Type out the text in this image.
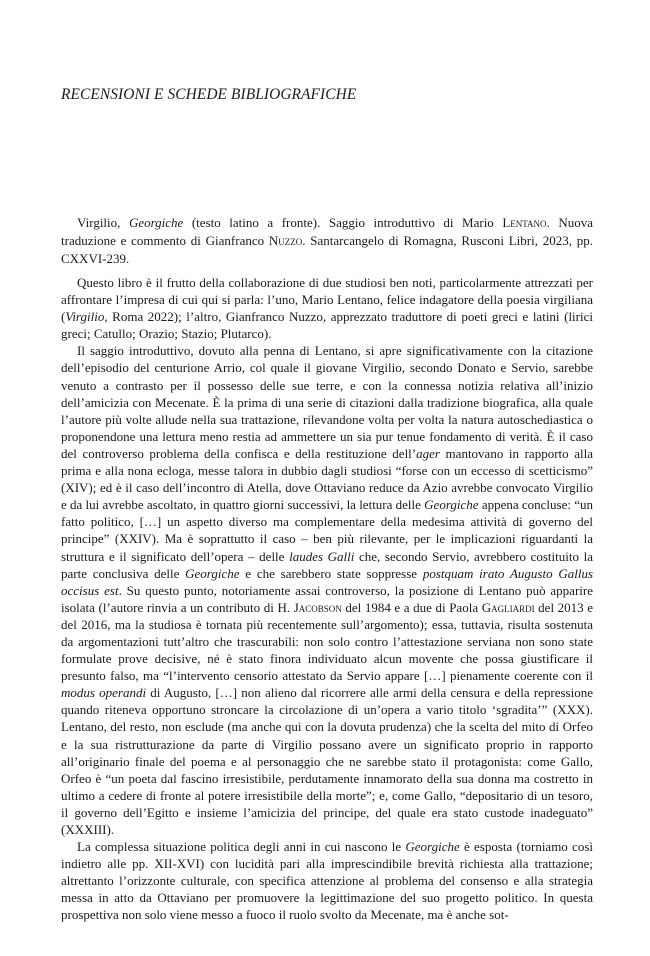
RECENSIONI E SCHEDE BIBLIOGRAFICHE

Virgilio, Georgiche (testo latino a fronte). Saggio introduttivo di Mario Lentano. Nuova traduzione e commento di Gianfranco Nuzzo. Santarcangelo di Romagna, Rusconi Libri, 2023, pp. CXXVI-239.

Questo libro è il frutto della collaborazione di due studiosi ben noti, particolarmente attrezzati per affrontare l’impresa di cui qui si parla: l’uno, Mario Lentano, felice indagatore della poesia virgiliana (Virgilio, Roma 2022); l’altro, Gianfranco Nuzzo, apprezzato traduttore di poeti greci e latini (lirici greci; Catullo; Orazio; Stazio; Plutarco).

Il saggio introduttivo, dovuto alla penna di Lentano, si apre significativamente con la citazione dell’episodio del centurione Arrio, col quale il giovane Virgilio, secondo Donato e Servio, sarebbe venuto a contrasto per il possesso delle sue terre, e con la connessa notizia relativa all’inizio dell’amicizia con Mecenate. È la prima di una serie di citazioni dalla tradizione biografica, alla quale l’autore più volte allude nella sua trattazione, rilevandone volta per volta la natura autoschediastica o proponendone una lettura meno restia ad ammettere un sia pur tenue fondamento di verità. È il caso del controverso problema della confisca e della restituzione dell’ager mantovano in rapporto alla prima e alla nona ecloga, messe talora in dubbio dagli studiosi “forse con un eccesso di scetticismo” (XIV); ed è il caso dell’incontro di Atella, dove Ottaviano reduce da Azio avrebbe convocato Virgilio e da lui avrebbe ascoltato, in quattro giorni successivi, la lettura delle Georgiche appena concluse: “un fatto politico, […] un aspetto diverso ma complementare della medesima attività di governo del principe” (XXIV). Ma è soprattutto il caso – ben più rilevante, per le implicazioni riguardanti la struttura e il significato dell’opera – delle laudes Galli che, secondo Servio, avrebbero costituito la parte conclusiva delle Georgiche e che sarebbero state soppresse postquam irato Augusto Gallus occisus est. Su questo punto, notoriamente assai controverso, la posizione di Lentano può apparire isolata (l’autore rinvia a un contributo di H. Jacobson del 1984 e a due di Paola Gagliardi del 2013 e del 2016, ma la studiosa è tornata più recentemente sull’argomento); essa, tuttavia, risulta sostenuta da argomentazioni tutt’altro che trascurabili: non solo contro l’attestazione serviana non sono state formulate prove decisive, né è stato finora individuato alcun movente che possa giustificare il presunto falso, ma “l’intervento censorio attestato da Servio appare […] pienamente coerente con il modus operandi di Augusto, […] non alieno dal ricorrere alle armi della censura e della repressione quando riteneva opportuno stroncare la circolazione di un’opera a vario titolo ‘sgradita’” (XXX). Lentano, del resto, non esclude (ma anche qui con la dovuta prudenza) che la scelta del mito di Orfeo e la sua ristrutturazione da parte di Virgilio possano avere un significato proprio in rapporto all’originario finale del poema e al personaggio che ne sarebbe stato il protagonista: come Gallo, Orfeo è “un poeta dal fascino irresistibile, perdutamente innamorato della sua donna ma costretto in ultimo a cedere di fronte al potere irresistibile della morte”; e, come Gallo, “depositario di un tesoro, il governo dell’Egitto e insieme l’amicizia del principe, del quale era stato custode inadeguato” (XXXIII).

La complessa situazione politica degli anni in cui nascono le Georgiche è esposta (torniamo così indietro alle pp. XII-XVI) con lucidità pari alla imprescindibile brevità richiesta alla trattazione; altrettanto l’orizzonte culturale, con specifica attenzione al problema del consenso e alla strategia messa in atto da Ottaviano per promuovere la legittimazione del suo progetto politico. In questa prospettiva non solo viene messo a fuoco il ruolo svolto da Mecenate, ma è anche sot-
